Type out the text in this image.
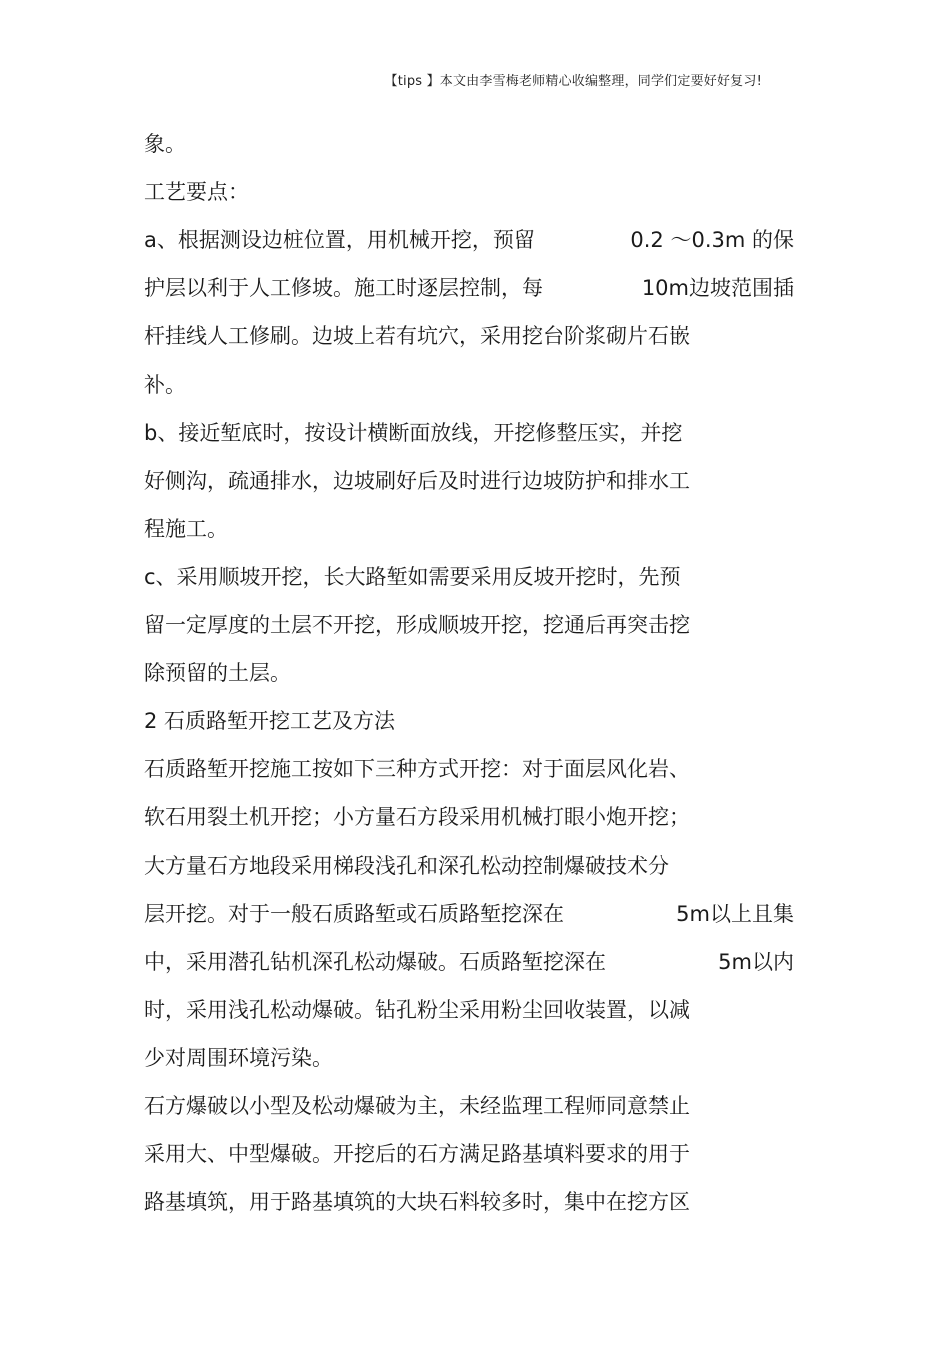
【tips 】本文由李雪梅老师精心收编整理，同学们定要好好复习!
象。
工艺要点：
a、根据测设边桩位置，用机械开挖，预留	0.2 ～0.3m 的保
护层以利于人工修坡。施工时逐层控制，每	10m边坡范围插
杆挂线人工修刷。边坡上若有坑穴，采用挖台阶浆砌片石嵌
补。
b、接近堑底时，按设计横断面放线，开挖修整压实，并挖
好侧沟，疏通排水，边坡刷好后及时进行边坡防护和排水工
程施工。
c、采用顺坡开挖，长大路堑如需要采用反坡开挖时，先预
留一定厚度的土层不开挖，形成顺坡开挖，挖通后再突击挖
除预留的土层。
2 石质路堑开挖工艺及方法
石质路堑开挖施工按如下三种方式开挖：对于面层风化岩、
软石用裂土机开挖；小方量石方段采用机械打眼小炮开挖；
大方量石方地段采用梯段浅孔和深孔松动控制爆破技术分
层开挖。对于一般石质路堑或石质路堑挖深在	5m以上且集
中，采用潜孔钻机深孔松动爆破。石质路堑挖深在	5m以内
时，采用浅孔松动爆破。钻孔粉尘采用粉尘回收装置，以减
少对周围环境污染。
石方爆破以小型及松动爆破为主，未经监理工程师同意禁止
采用大、中型爆破。开挖后的石方满足路基填料要求的用于
路基填筑，用于路基填筑的大块石料较多时，集中在挖方区
